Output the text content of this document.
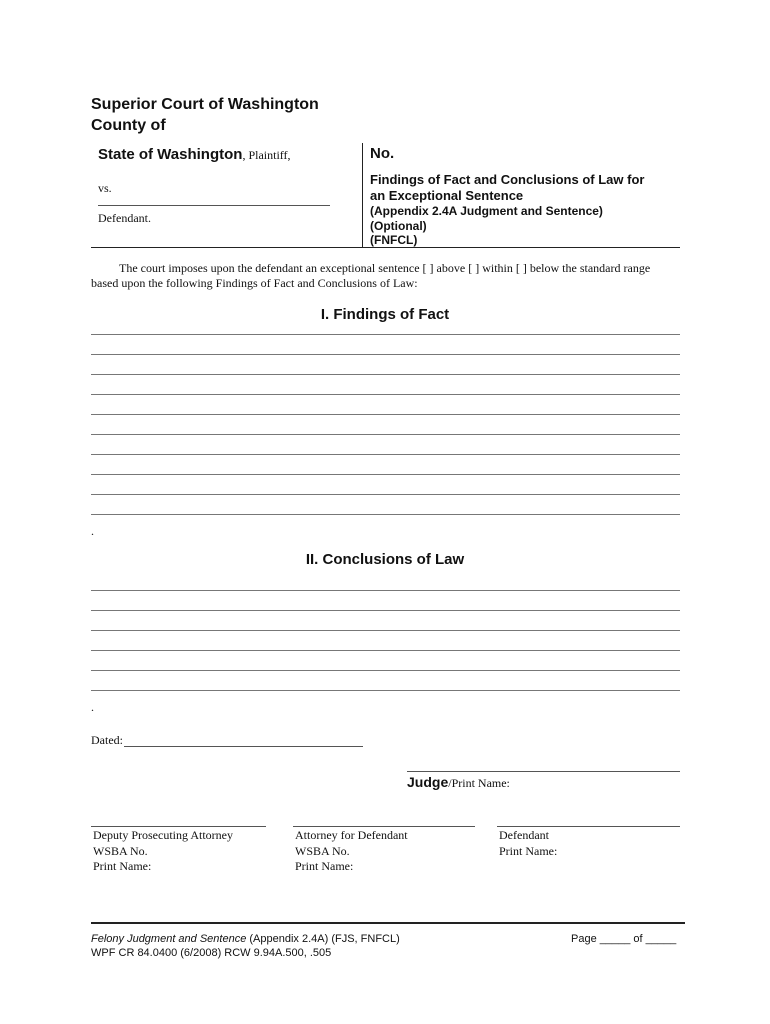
Superior Court of Washington
County of
State of Washington, Plaintiff,
vs.
Defendant.
No.
Findings of Fact and Conclusions of Law for
an Exceptional Sentence
(Appendix 2.4A Judgment and Sentence)
(Optional)
(FNFCL)
The court imposes upon the defendant an exceptional sentence [ ] above [ ] within [ ] below the standard range
based upon the following Findings of Fact and Conclusions of Law:
I. Findings of Fact
.
II. Conclusions of Law
.
Dated:
Judge/Print Name:
Deputy Prosecuting Attorney
WSBA No.
Print Name:
Attorney for Defendant
WSBA No.
Print Name:
Defendant
Print Name:
Felony Judgment and Sentence (Appendix 2.4A) (FJS, FNFCL)
WPF CR 84.0400 (6/2008) RCW 9.94A.500, .505
Page _____ of _____
